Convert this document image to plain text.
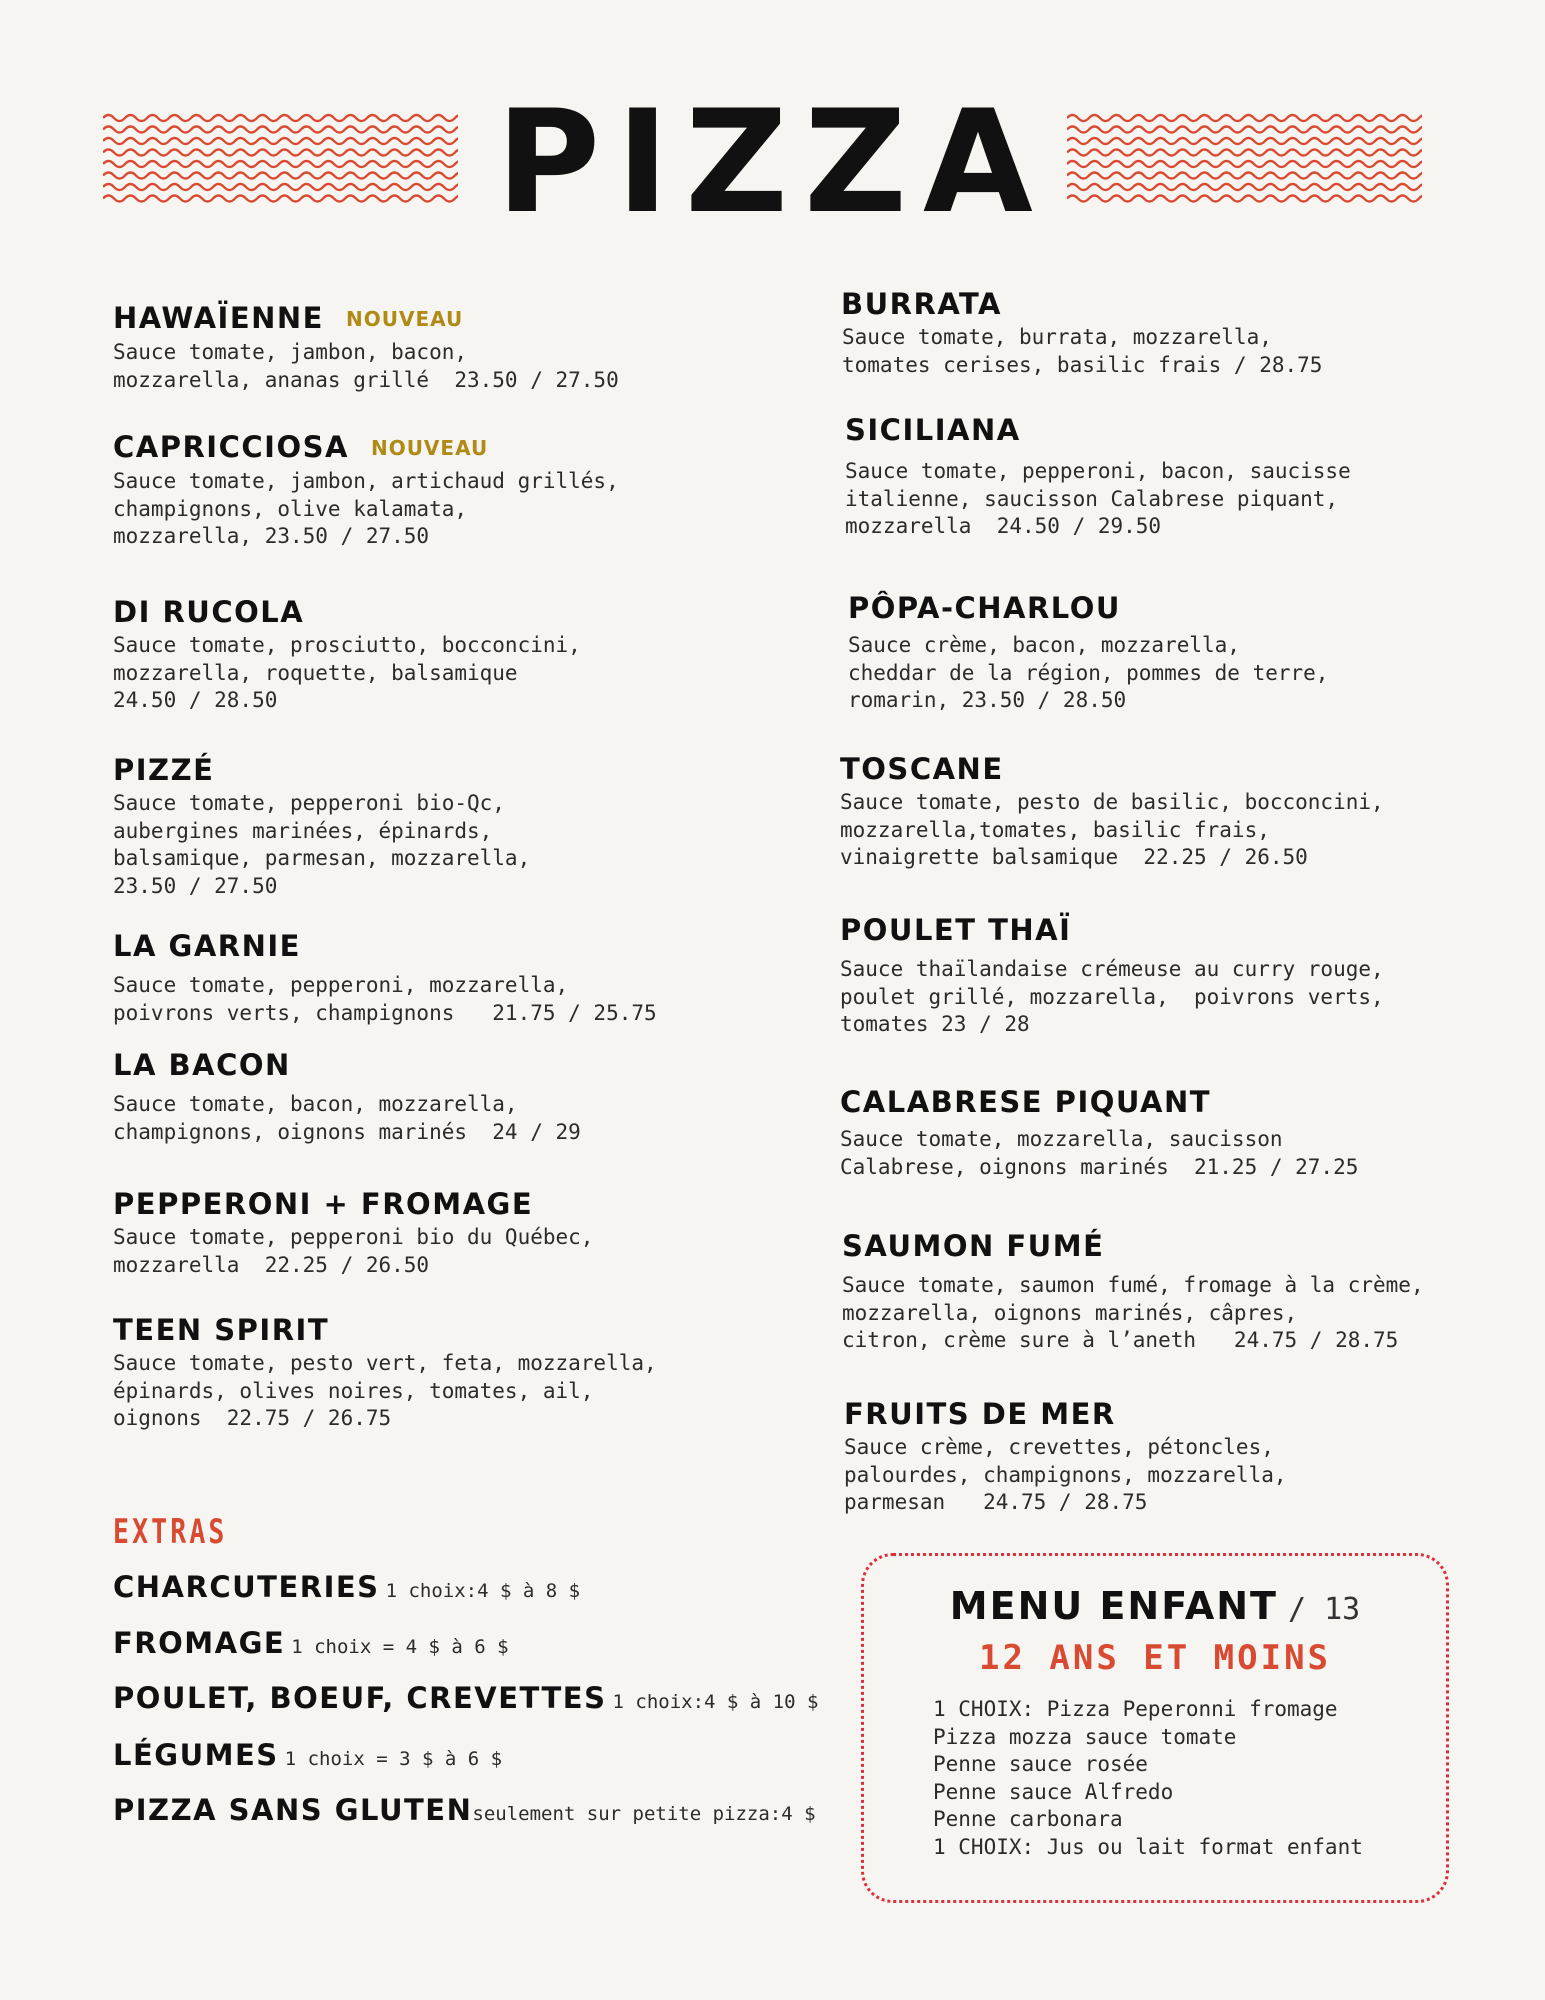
PIZZA
HAWAÏENNE NOUVEAU

Sauce tomate, jambon, bacon,
mozzarella, ananas grillé  23.50 / 27.50

CAPRICCIOSA NOUVEAU

Sauce tomate, jambon, artichaud grillés,
champignons, olive kalamata,
mozzarella, 23.50 / 27.50

DI RUCOLA

Sauce tomate, prosciutto, bocconcini,
mozzarella, roquette, balsamique
24.50 / 28.50

PIZZÉ

Sauce tomate, pepperoni bio-Qc,
aubergines marinées, épinards,
balsamique, parmesan, mozzarella,
23.50 / 27.50

LA GARNIE

Sauce tomate, pepperoni, mozzarella,
poivrons verts, champignons   21.75 / 25.75

LA BACON

Sauce tomate, bacon, mozzarella,
champignons, oignons marinés  24 / 29

PEPPERONI + FROMAGE

Sauce tomate, pepperoni bio du Québec,
mozzarella  22.25 / 26.50

TEEN SPIRIT

Sauce tomate, pesto vert, feta, mozzarella,
épinards, olives noires, tomates, ail,
oignons  22.75 / 26.75

BURRATA

Sauce tomate, burrata, mozzarella,
tomates cerises, basilic frais / 28.75

SICILIANA

Sauce tomate, pepperoni, bacon, saucisse
italienne, saucisson Calabrese piquant,
mozzarella  24.50 / 29.50

PÔPA-CHARLOU

Sauce crème, bacon, mozzarella,
cheddar de la région, pommes de terre,
romarin, 23.50 / 28.50

TOSCANE

Sauce tomate, pesto de basilic, bocconcini,
mozzarella,tomates, basilic frais,
vinaigrette balsamique  22.25 / 26.50

POULET THAÏ

Sauce thaïlandaise crémeuse au curry rouge,
poulet grillé, mozzarella,  poivrons verts,
tomates 23 / 28

CALABRESE PIQUANT

Sauce tomate, mozzarella, saucisson
Calabrese, oignons marinés  21.25 / 27.25

SAUMON FUMÉ

Sauce tomate, saumon fumé, fromage à la crème,
mozzarella, oignons marinés, câpres,
citron, crème sure à l’aneth   24.75 / 28.75

FRUITS DE MER

Sauce crème, crevettes, pétoncles,
palourdes, champignons, mozzarella,
parmesan   24.75 / 28.75

EXTRAS
CHARCUTERIES 1 choix:4 $ à 8 $
FROMAGE 1 choix = 4 $ à 6 $
POULET, BOEUF, CREVETTES 1 choix:4 $ à 10 $
LÉGUMES 1 choix = 3 $ à 6 $
PIZZA SANS GLUTENseulement sur petite pizza:4 $
MENU ENFANT / 13
12 ANS ET MOINS
1 CHOIX: Pizza Peperonni fromage
Pizza mozza sauce tomate
Penne sauce rosée
Penne sauce Alfredo
Penne carbonara
1 CHOIX: Jus ou lait format enfant
